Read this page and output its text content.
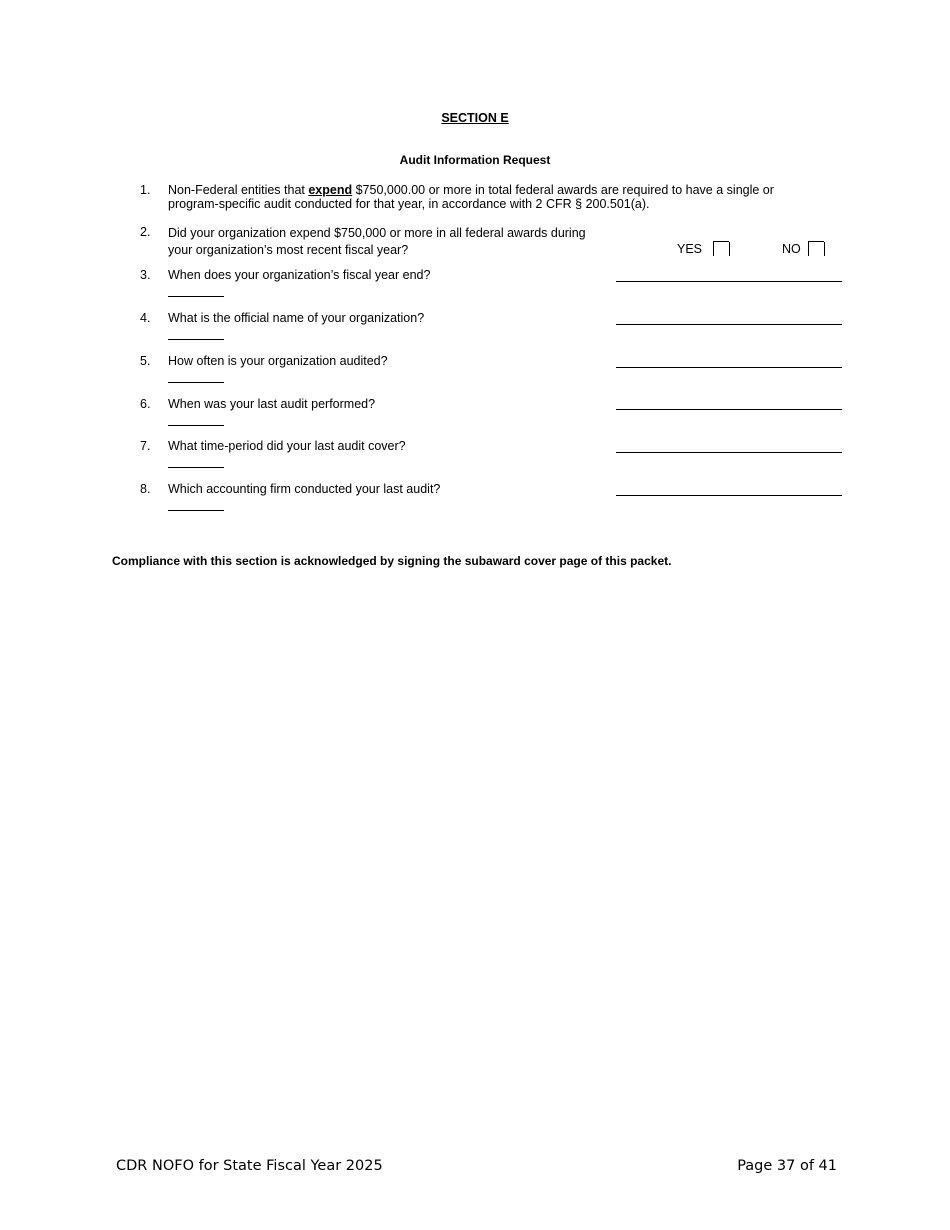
SECTION E
Audit Information Request
1. Non-Federal entities that expend $750,000.00 or more in total federal awards are required to have a single or program-specific audit conducted for that year, in accordance with 2 CFR § 200.501(a).
2. Did your organization expend $750,000 or more in all federal awards during your organization’s most recent fiscal year?	YES	NO
3. When does your organization’s fiscal year end?
4. What is the official name of your organization?
5. How often is your organization audited?
6. When was your last audit performed?
7. What time-period did your last audit cover?
8. Which accounting firm conducted your last audit?
Compliance with this section is acknowledged by signing the subaward cover page of this packet.
CDR NOFO for State Fiscal Year 2025	Page 37 of 41
